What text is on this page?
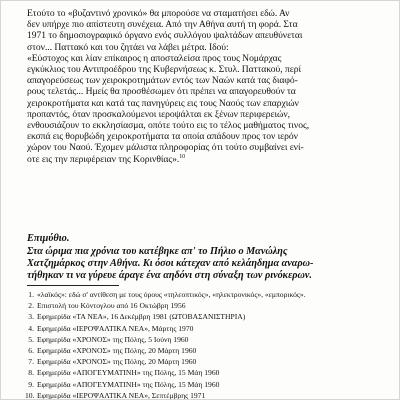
Ετούτο το «βυζαντινό χρονικό» θα μπορούσε να σταματήσει εδώ. Αν
δεν υπήρχε πιο απίστευτη συνέχεια. Από την Αθήνα αυτή τη φορά. Στα
1971 το δημοσιογραφικό όργανο ενός συλλόγου ψαλτάδων απευθύνεται
στον... Παττακό και του ζητάει να λάβει μέτρα. Ιδού:
«Εύστοχος και λίαν επίκαιρος η αποσταλείσα προς τους Νομάρχας
εγκύκλιος του Αντιπροέδρου της Κυβερνήσεως κ. Στυλ. Παττακού, περί
απαγορεύσεως των χειροκροτημάτων εντός των Ναών κατά τας διαφό-
ρους τελετάς... Ημείς θα προσθέσωμεν ότι πρέπει να απαγορευθούν τα
χειροκροτήματα και κατά τας πανηγύρεις εις τους Ναούς των επαρχιών
προπαντός, όταν προσκαλούμενοι ιεροψάλται εκ ξένων περιφερειών,
ενθουσιάζουν το εκκλησίασμα, οπότε τούτο εις το τέλος μαθήματος τινος,
εκσπά εις θορυβώδη χειροκροτήματα τα οποία απάδουν προς τον ιερόν
χώρον του Ναού. Έχομεν μάλιστα πληροφορίας ότι τούτο συμβαίνει ενί-
οτε εις την περιφέρειαν της Κορινθίας».$^{10}$
Επιμύθιο.
Στα ώριμα πια χρόνια του κατέβηκε απ' το Πήλιο ο Μανώλης
Χατζημάρκος στην Αθήνα. Κι όσοι κάτεχαν από κελάηδημα αναρω-
τήθηκαν τι να γύρευε άραγε ένα αηδόνι στη σύναξη των ρινόκερων.
1. «λαϊκός»: εδώ σ' αντίθεση με τους όρους «τηλεοπτικός», «ηλεκτρονικός», «εμπορικός».
2. Επιστολή του Κόντογλου από 16 Οκτώβρη 1956
3. Εφημερίδα «ΤΑ ΝΕΑ», 16 Δεκέμβρη 1981 (ΩΤΟΒΑΣΑΝΙΣΤΗΡΙΑ)
4. Εφημερίδα «ΙΕΡΟΨΑΛΤΙΚΑ ΝΕΑ», Μάρτης 1970
5. Εφημερίδα «ΧΡΟΝΟΣ» της Πόλης, 5 Ιούνη 1960
6. Εφημερίδα «ΧΡΟΝΟΣ» της Πόλης, 20 Μάρτη 1960
7. Εφημερίδα «ΧΡΟΝΟΣ» της Πόλης, 20 Μάρτη 1960
8. Εφημερίδα «ΑΠΟΓΕΥΜΑΤΙΝΗ» της Πόλης, 15 Μάη 1960
9. Εφημερίδα «ΑΠΟΓΕΥΜΑΤΙΝΗ» της Πόλης, 15 Μάη 1960
10. Εφημερίδα «ΙΕΡΟΨΑΛΤΙΚΑ ΝΕΑ», Σεπτέμβρης 1971
